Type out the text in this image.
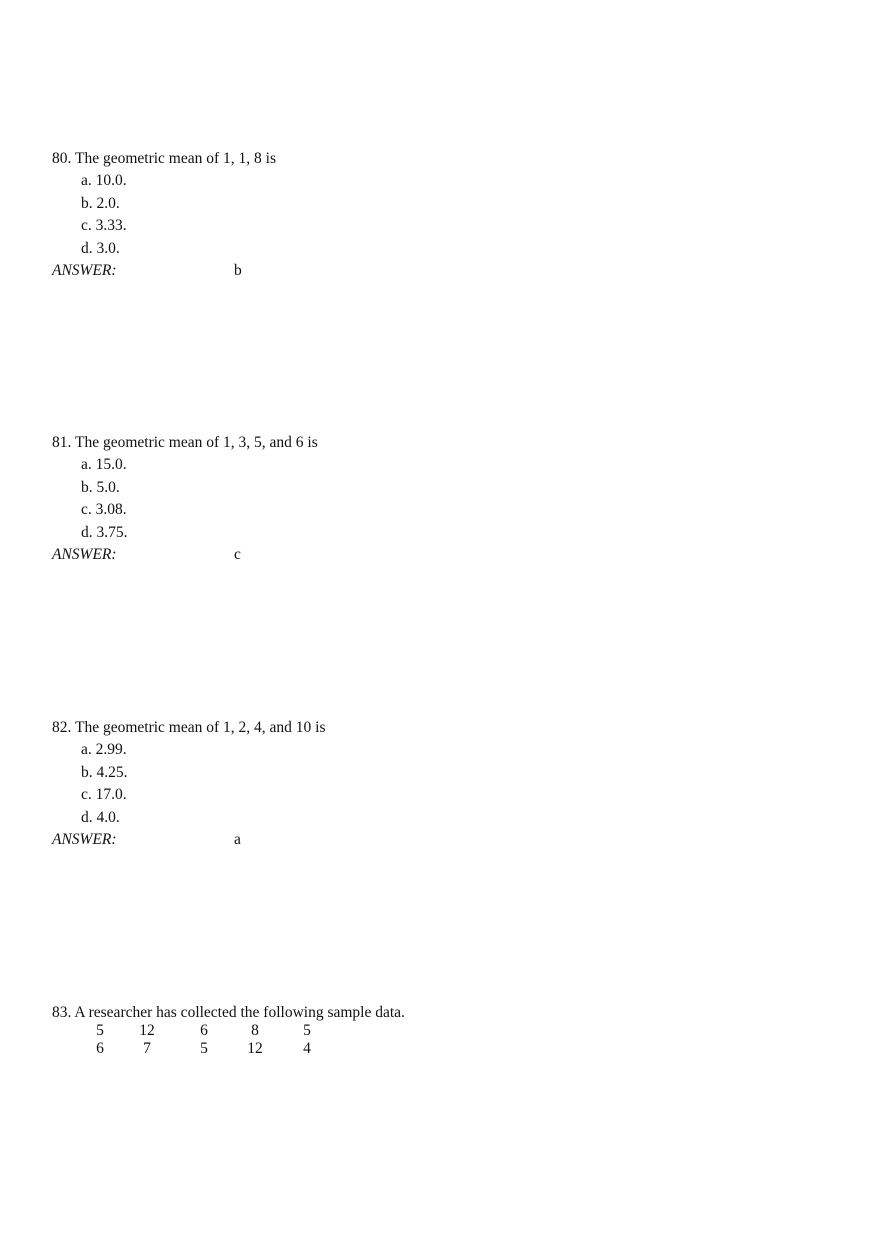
80. The geometric mean of 1, 1, 8 is
a. 10.0.
b. 2.0.
c. 3.33.
d. 3.0.
ANSWER:	b
81. The geometric mean of 1, 3, 5, and 6 is
a. 15.0.
b. 5.0.
c. 3.08.
d. 3.75.
ANSWER:	c
82. The geometric mean of 1, 2, 4, and 10 is
a. 2.99.
b. 4.25.
c. 17.0.
d. 4.0.
ANSWER:	a
83. A researcher has collected the following sample data.
5	12	6	8	5
6	7	5	12	4
